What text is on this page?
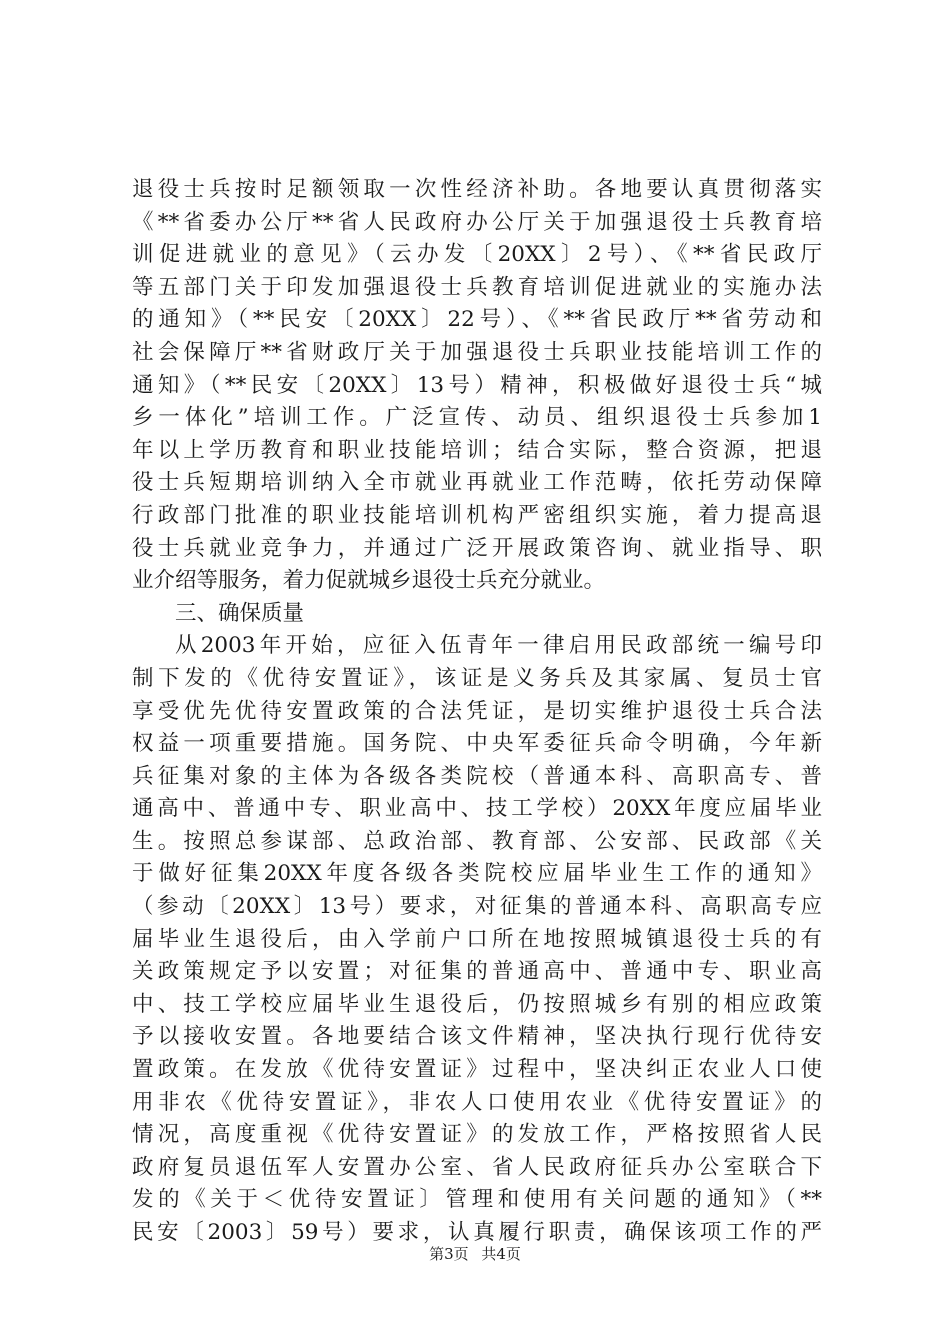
退役士兵按时足额领取一次性经济补助。各地要认真贯彻落实
《**省委办公厅**省人民政府办公厅关于加强退役士兵教育培
训促进就业的意见》（云办发〔20XX〕2号）、《**省民政厅
等五部门关于印发加强退役士兵教育培训促进就业的实施办法
的通知》（**民安〔20XX〕22号）、《**省民政厅**省劳动和
社会保障厅**省财政厅关于加强退役士兵职业技能培训工作的
通知》（**民安〔20XX〕13号）精神，积极做好退役士兵“城
乡一体化”培训工作。广泛宣传、动员、组织退役士兵参加1
年以上学历教育和职业技能培训；结合实际，整合资源，把退
役士兵短期培训纳入全市就业再就业工作范畴，依托劳动保障
行政部门批准的职业技能培训机构严密组织实施，着力提高退
役士兵就业竞争力，并通过广泛开展政策咨询、就业指导、职
业介绍等服务，着力促就城乡退役士兵充分就业。
三、确保质量
从2003年开始，应征入伍青年一律启用民政部统一编号印
制下发的《优待安置证》，该证是义务兵及其家属、复员士官
享受优先优待安置政策的合法凭证，是切实维护退役士兵合法
权益一项重要措施。国务院、中央军委征兵命令明确，今年新
兵征集对象的主体为各级各类院校（普通本科、高职高专、普
通高中、普通中专、职业高中、技工学校）20XX年度应届毕业
生。按照总参谋部、总政治部、教育部、公安部、民政部《关
于做好征集20XX年度各级各类院校应届毕业生工作的通知》
（参动〔20XX〕13号）要求，对征集的普通本科、高职高专应
届毕业生退役后，由入学前户口所在地按照城镇退役士兵的有
关政策规定予以安置；对征集的普通高中、普通中专、职业高
中、技工学校应届毕业生退役后，仍按照城乡有别的相应政策
予以接收安置。各地要结合该文件精神，坚决执行现行优待安
置政策。在发放《优待安置证》过程中，坚决纠正农业人口使
用非农《优待安置证》，非农人口使用农业《优待安置证》的
情况，高度重视《优待安置证》的发放工作，严格按照省人民
政府复员退伍军人安置办公室、省人民政府征兵办公室联合下
发的《关于＜优待安置证〕管理和使用有关问题的通知》（**
民安〔2003〕59号）要求，认真履行职责，确保该项工作的严
第3页 共4页
